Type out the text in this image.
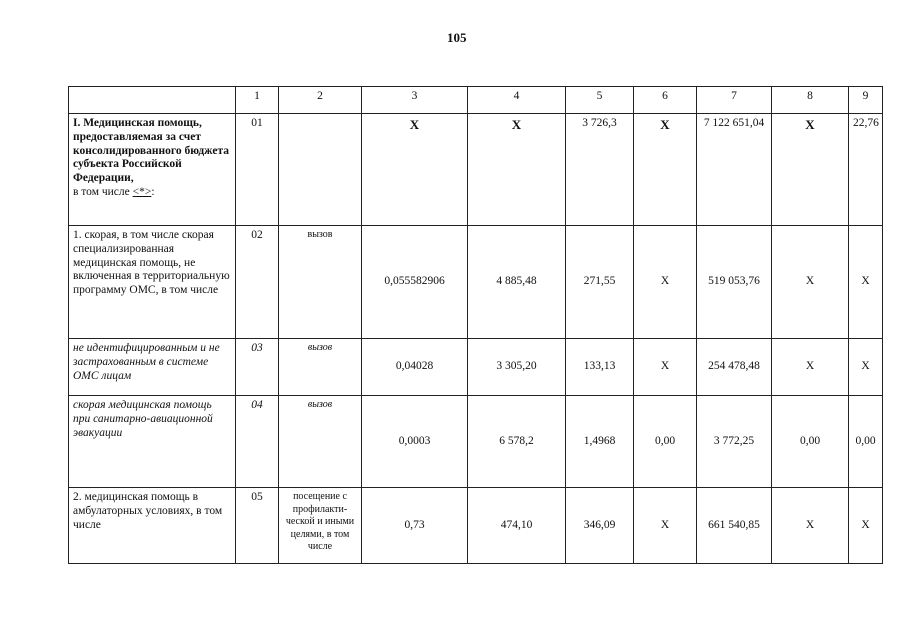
105
	1	2	3	4	5	6	7	8	9
I. Медицинская помощь, предоставляемая за счет консолидированного бюджета субъекта Российской Федерации,
в том числе <*>:	01		X	X	3 726,3	X	7 122 651,04	X	22,76
1. скорая, в том числе скорая специализированная медицинская помощь, не включенная в территориальную программу ОМС, в том числе	02	вызов	0,055582906	4 885,48	271,55	X	519 053,76	X	X
не идентифицированным и не застрахованным в системе ОМС лицам	03	вызов	0,04028	3 305,20	133,13	X	254 478,48	X	X
скорая медицинская помощь при санитарно-авиационной эвакуации	04	вызов	0,0003	6 578,2	1,4968	0,00	3 772,25	0,00	0,00
2. медицинская помощь в амбулаторных условиях, в том числе	05	посещение с профилакти-ческой и иными целями, в том числе	0,73	474,10	346,09	X	661 540,85	X	X
